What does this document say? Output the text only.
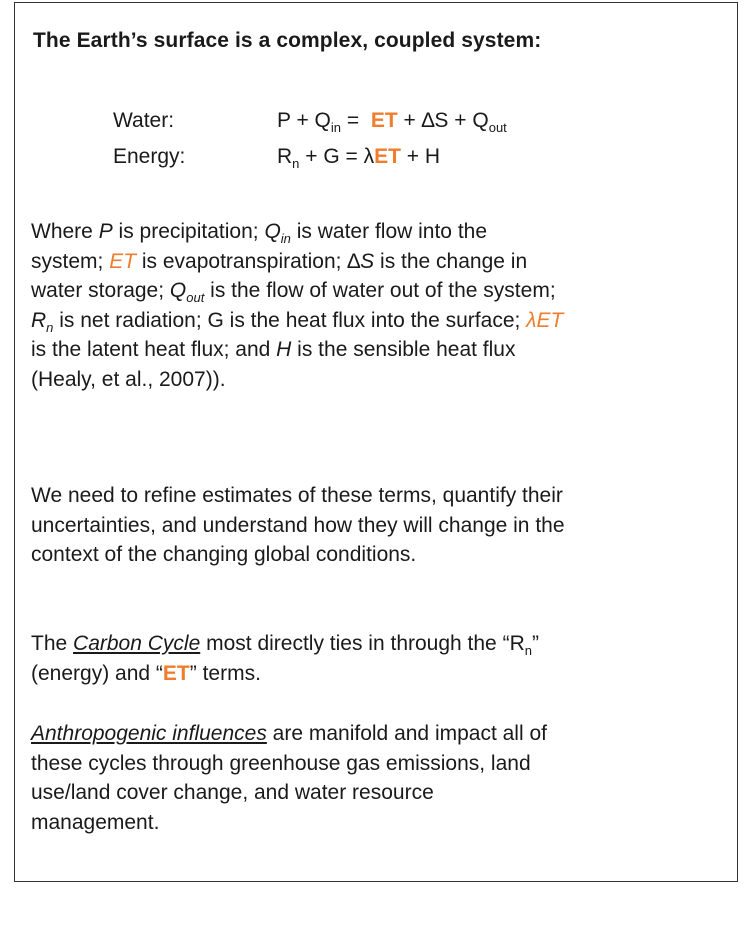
The Earth’s surface is a complex, coupled system:
Water:	$P + Q_{in}$ =  ET + $\Delta S + Q_{out}$
Energy:	$R_n + G = \lambda ET + H$
Where P is precipitation; $Q_{in}$ is water flow into the
system; ET is evapotranspiration; ∆S is the change in
water storage; $Q_{out}$ is the flow of water out of the system;
$R_n$ is net radiation; G is the heat flux into the surface; λET
is the latent heat flux; and H is the sensible heat flux
(Healy, et al., 2007)).
We need to refine estimates of these terms, quantify their
uncertainties, and understand how they will change in the
context of the changing global conditions.
The Carbon Cycle most directly ties in through the “$R_n$”
(energy) and “ET” terms.
Anthropogenic influences are manifold and impact all of
these cycles through greenhouse gas emissions, land
use/land cover change, and water resource
management.
